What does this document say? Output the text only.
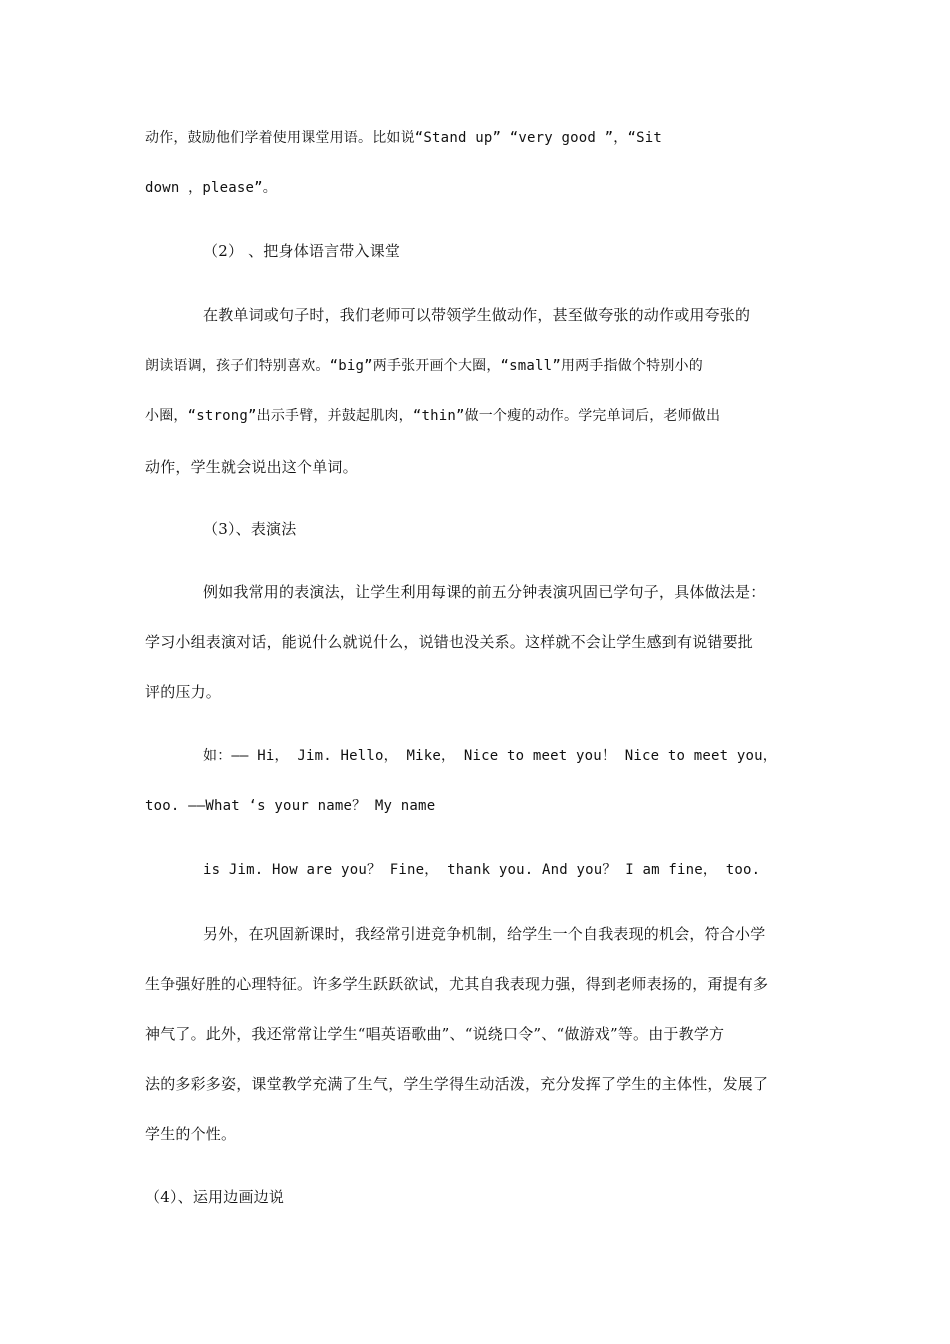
动作，鼓励他们学着使用课堂用语。比如说“Stand up” “very good ”，“Sit
down ，please”。
（2） 、把身体语言带入课堂
在教单词或句子时，我们老师可以带领学生做动作，甚至做夸张的动作或用夸张的
朗读语调，孩子们特别喜欢。“big”两手张开画个大圈，“small”用两手指做个特别小的
小圈，“strong”出示手臂，并鼓起肌肉，“thin”做一个瘦的动作。学完单词后，老师做出
动作，学生就会说出这个单词。
（3）、表演法
例如我常用的表演法，让学生利用每课的前五分钟表演巩固已学句子，具体做法是：
学习小组表演对话，能说什么就说什么，说错也没关系。这样就不会让学生感到有说错要批
评的压力。
如：—— Hi， Jim. Hello， Mike， Nice to meet you！ Nice to meet you，
too. ——What ‘s your name？ My name
is Jim. How are you？ Fine， thank you. And you？ I am fine， too.
另外，在巩固新课时，我经常引进竞争机制，给学生一个自我表现的机会，符合小学
生争强好胜的心理特征。许多学生跃跃欲试，尤其自我表现力强，得到老师表扬的，甭提有多
神气了。此外，我还常常让学生“唱英语歌曲”、“说绕口令”、“做游戏”等。由于教学方
法的多彩多姿，课堂教学充满了生气，学生学得生动活泼，充分发挥了学生的主体性，发展了
学生的个性。
（4）、运用边画边说
